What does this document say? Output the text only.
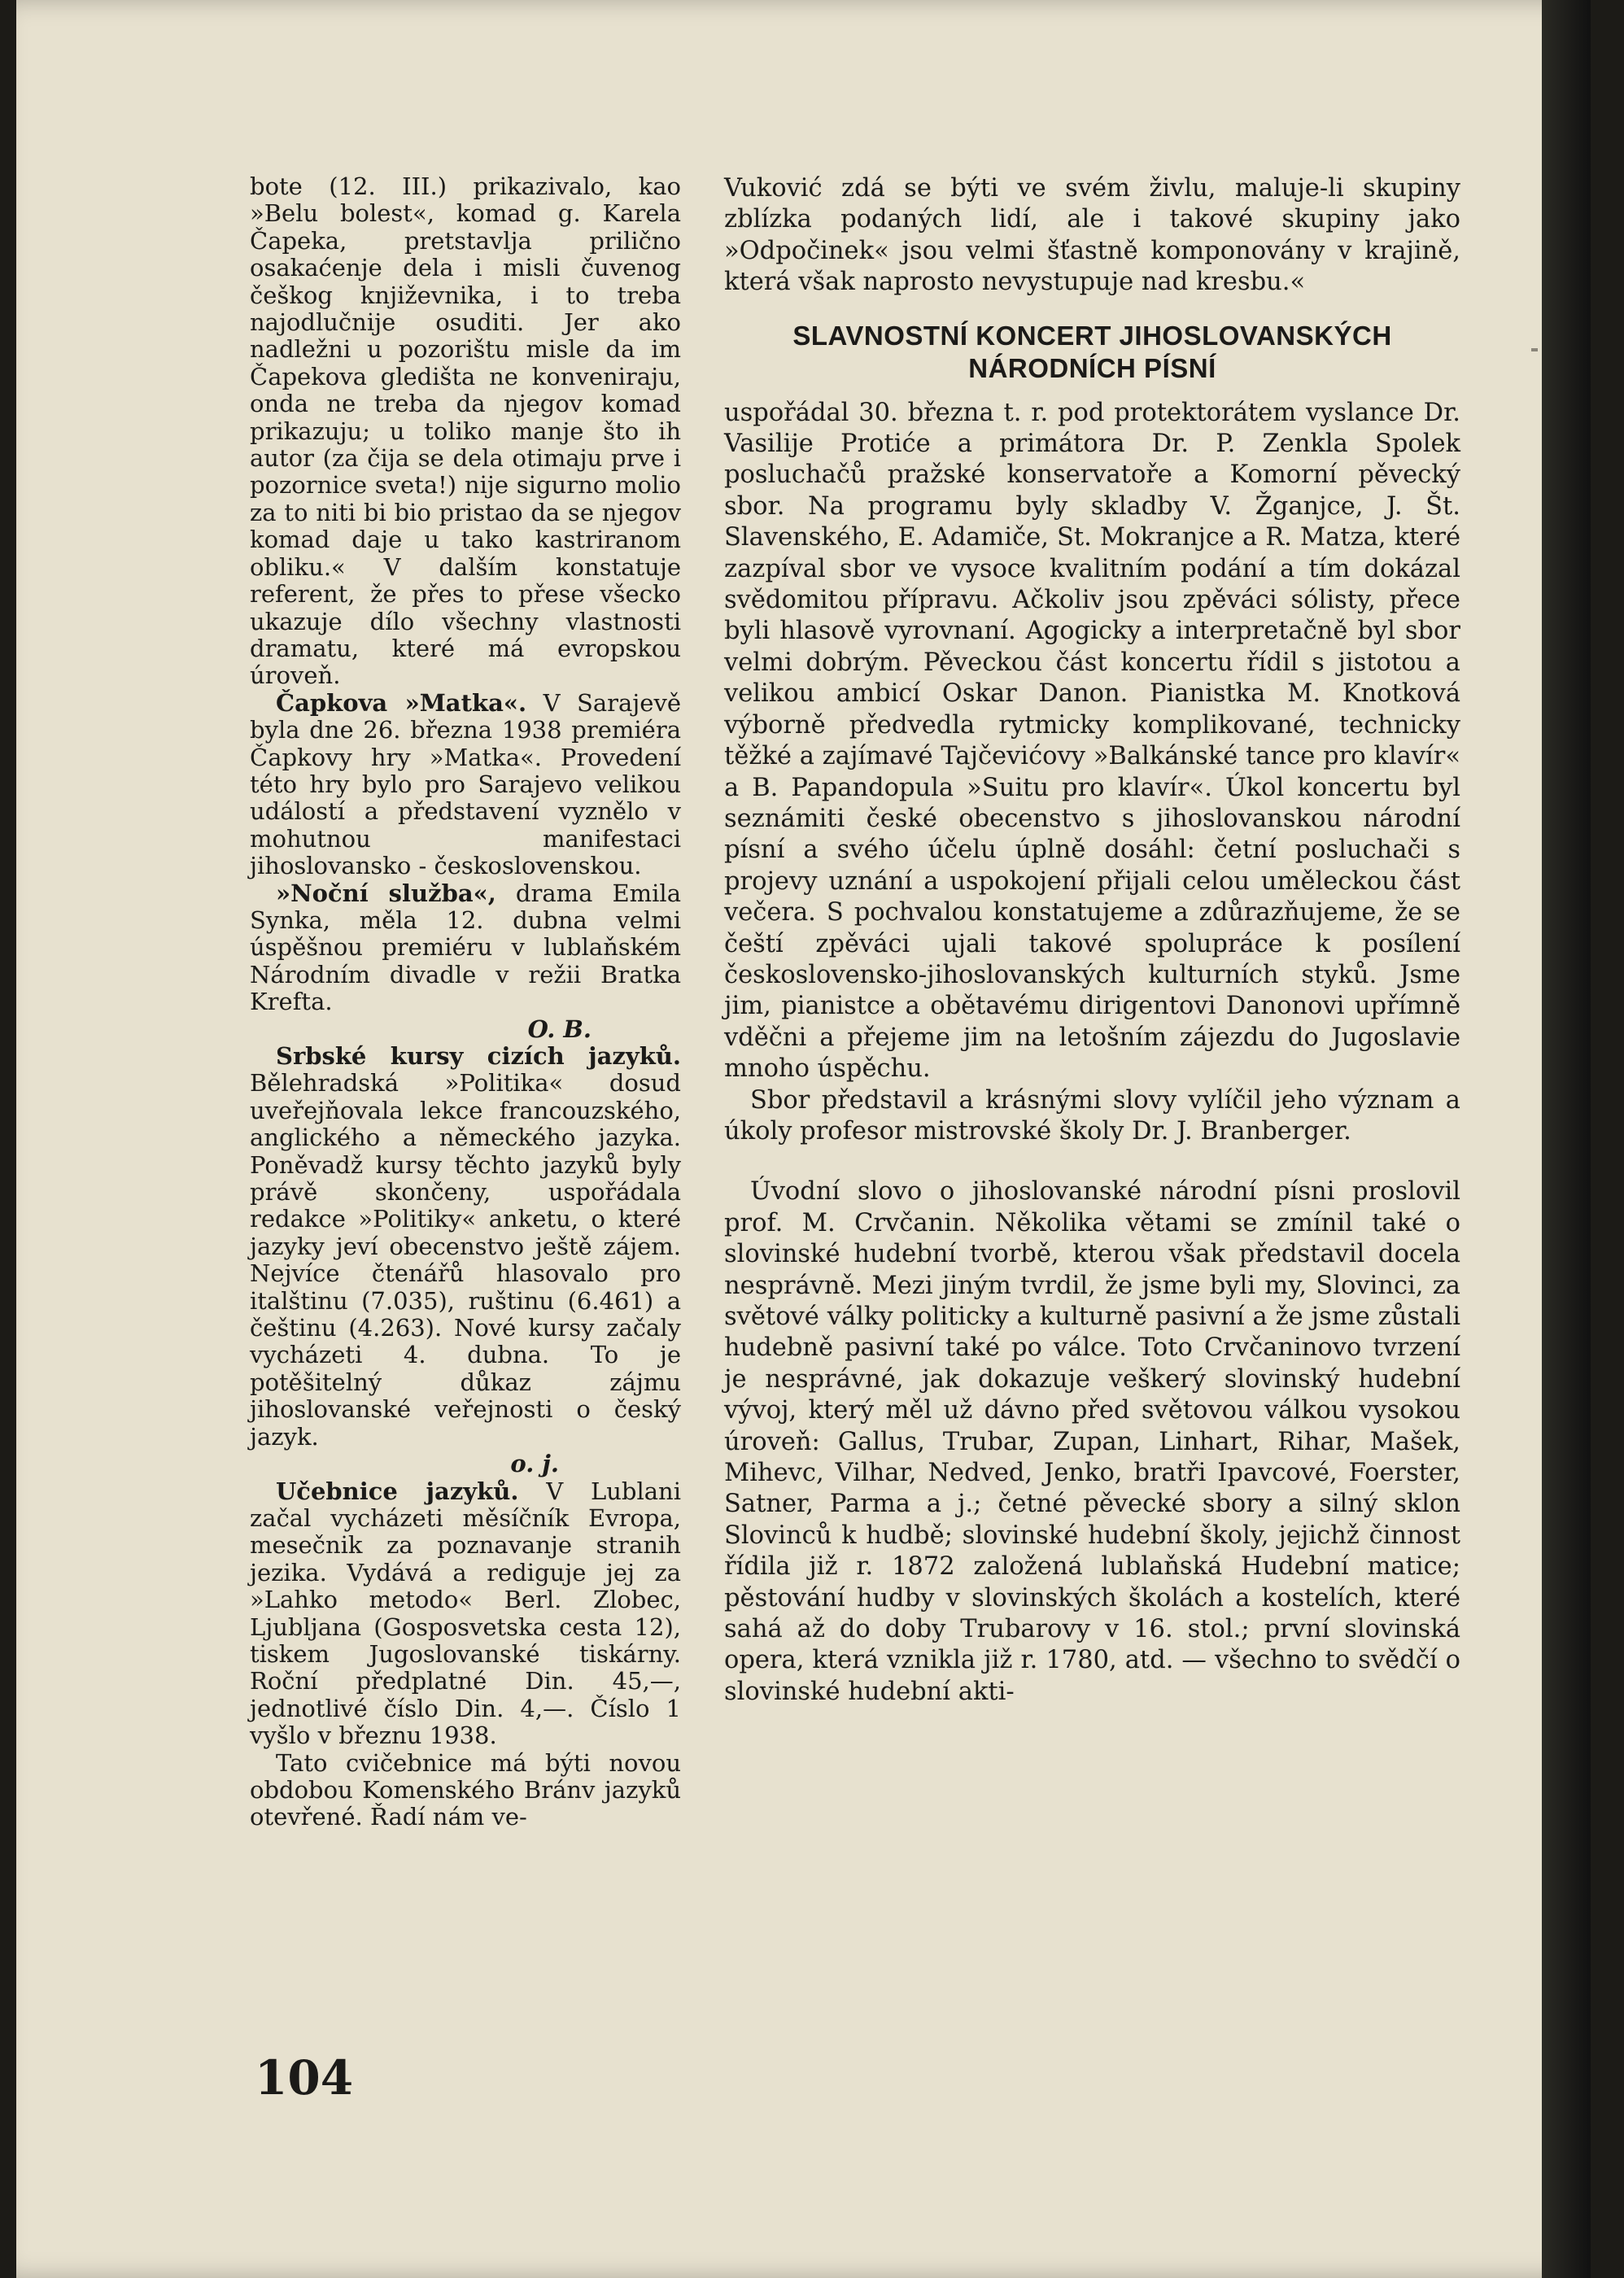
bote (12. III.) prikazivalo, kao »Belu bolest«, komad g. Karela Čapeka, pretstavlja prilično osakaćenje dela i misli čuvenog češkog književnika, i to treba najodlučnije osuditi. Jer ako nadležni u pozorištu misle da im Čapekova gledišta ne konveniraju, onda ne treba da njegov komad prikazuju; u toliko manje što ih autor (za čija se dela otimaju prve i pozornice sveta!) nije sigurno molio za to niti bi bio pristao da se njegov komad daje u tako kastriranom obliku.« V dalším konstatuje referent, že přes to přese všecko ukazuje dílo všechny vlastnosti dramatu, které má evropskou úroveň.

Čapkova »Matka«. V Sarajevě byla dne 26. března 1938 premiéra Čapkovy hry »Matka«. Provedení této hry bylo pro Sarajevo velikou událostí a představení vyznělo v mohutnou manifestaci jihoslovansko - československou.

»Noční služba«, drama Emila Synka, měla 12. dubna velmi úspěšnou premiéru v lublaňském Národním divadle v režii Bratka Krefta.

O. B.

Srbské kursy cizích jazyků. Bělehradská »Politika« dosud uveřejňovala lekce francouzského, anglického a německého jazyka. Poněvadž kursy těchto jazyků byly právě skončeny, uspořádala redakce »Politiky« anketu, o které jazyky jeví obecenstvo ještě zájem. Nejvíce čtenářů hlasovalo pro italštinu (7.035), ruštinu (6.461) a češtinu (4.263). Nové kursy začaly vycházeti 4. dubna. To je potěšitelný důkaz zájmu jihoslovanské veřejnosti o český jazyk.

o. j.

Učebnice jazyků. V Lublani začal vycházeti měsíčník Evropa, mesečnik za poznavanje stranih jezika. Vydává a rediguje jej za »Lahko metodo« Berl. Zlobec, Ljubljana (Gosposvetska cesta 12), tiskem Jugoslovanské tiskárny. Roční předplatné Din. 45,—, jednotlivé číslo Din. 4,—. Číslo 1 vyšlo v březnu 1938.

Tato cvičebnice má býti novou obdobou Komenského Bránv jazyků otevřené. Řadí nám ve-

Vuković zdá se býti ve svém živlu, maluje-li skupiny zblízka podaných lidí, ale i takové skupiny jako »Odpočinek« jsou velmi šťastně komponovány v krajině, která však naprosto nevystupuje nad kresbu.«

SLAVNOSTNÍ KONCERT JIHOSLOVANSKÝCH NÁRODNÍCH PÍSNÍ

uspořádal 30. března t. r. pod protektorátem vyslance Dr. Vasilije Protiće a primátora Dr. P. Zenkla Spolek posluchačů pražské konservatoře a Komorní pěvecký sbor. Na programu byly skladby V. Žganjce, J. Št. Slavenského, E. Adamiče, St. Mokranjce a R. Matza, které zazpíval sbor ve vysoce kvalitním podání a tím dokázal svědomitou přípravu. Ačkoliv jsou zpěváci sólisty, přece byli hlasově vyrovnaní. Agogicky a interpretačně byl sbor velmi dobrým. Pěveckou část koncertu řídil s jistotou a velikou ambicí Oskar Danon. Pianistka M. Knotková výborně předvedla rytmicky komplikované, technicky těžké a zajímavé Tajčevićovy »Balkánské tance pro klavír« a B. Papandopula »Suitu pro klavír«. Úkol koncertu byl seznámiti české obecenstvo s jihoslovanskou národní písní a svého účelu úplně dosáhl: četní posluchači s projevy uznání a uspokojení přijali celou uměleckou část večera. S pochvalou konstatujeme a zdůrazňujeme, že se čeští zpěváci ujali takové spolupráce k posílení československo-jihoslovanských kulturních styků. Jsme jim, pianistce a obětavému dirigentovi Danonovi upřímně vděčni a přejeme jim na letošním zájezdu do Jugoslavie mnoho úspěchu.

Sbor představil a krásnými slovy vylíčil jeho význam a úkoly profesor mistrovské školy Dr. J. Branberger.

Úvodní slovo o jihoslovanské národní písni proslovil prof. M. Crvčanin. Několika větami se zmínil také o slovinské hudební tvorbě, kterou však představil docela nesprávně. Mezi jiným tvrdil, že jsme byli my, Slovinci, za světové války politicky a kulturně pasivní a že jsme zůstali hudebně pasivní také po válce. Toto Crvčaninovo tvrzení je nesprávné, jak dokazuje veškerý slovinský hudební vývoj, který měl už dávno před světovou válkou vysokou úroveň: Gallus, Trubar, Zupan, Linhart, Rihar, Mašek, Mihevc, Vilhar, Nedved, Jenko, bratři Ipavcové, Foerster, Satner, Parma a j.; četné pěvecké sbory a silný sklon Slovinců k hudbě; slovinské hudební školy, jejichž činnost řídila již r. 1872 založená lublaňská Hudební matice; pěstování hudby v slovinských školách a kostelích, které sahá až do doby Trubarovy v 16. stol.; první slovinská opera, která vznikla již r. 1780, atd. — všechno to svědčí o slovinské hudební akti-

104
